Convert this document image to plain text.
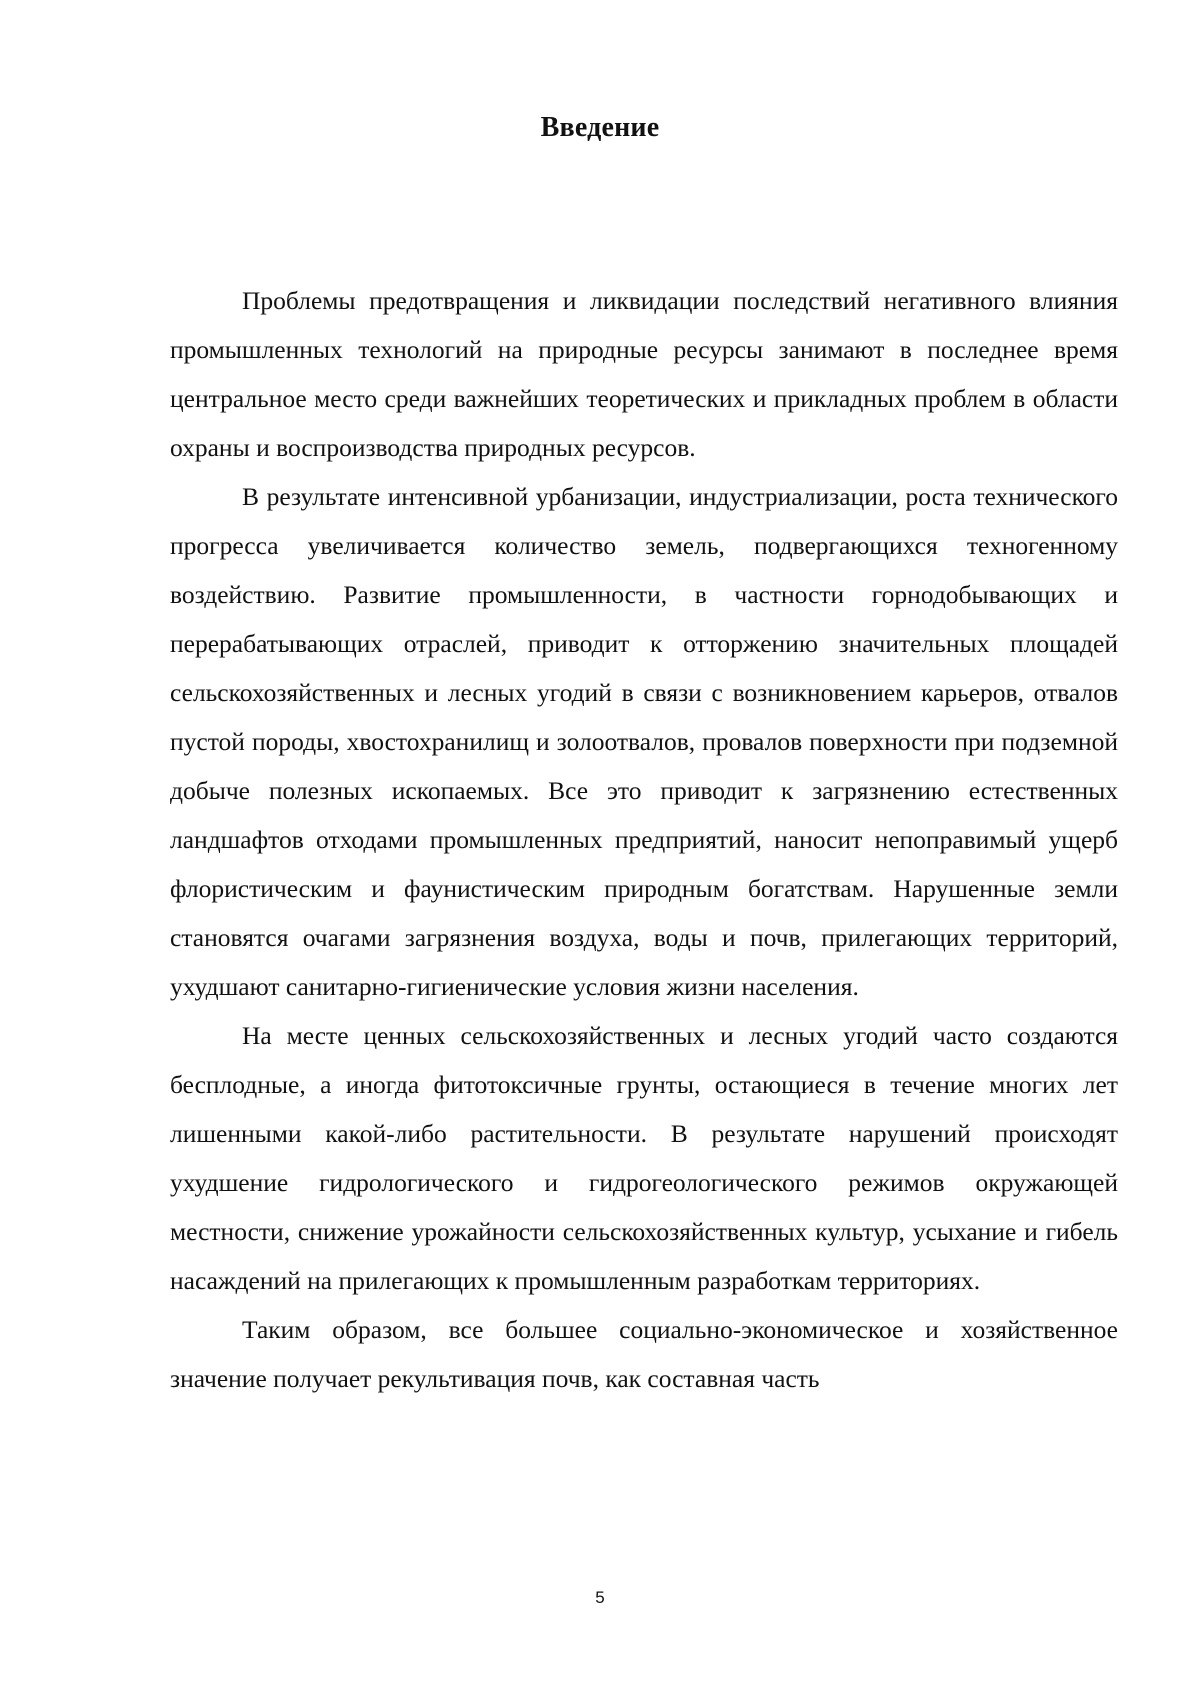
Введение

Проблемы предотвращения и ликвидации последствий негативного влияния промышленных технологий на природные ресурсы занимают в последнее время центральное место среди важнейших теоретических и прикладных проблем в области охраны и воспроизводства природных ресурсов.

В результате интенсивной урбанизации, индустриализации, роста технического прогресса увеличивается количество земель, подвергающихся техногенному воздействию. Развитие промышленности, в частности горнодобывающих и перерабатывающих отраслей, приводит к отторжению значительных площадей сельскохозяйственных и лесных угодий в связи с возникновением карьеров, отвалов пустой породы, хвостохранилищ и золоотвалов, провалов поверхности при подземной добыче полезных ископаемых. Все это приводит к загрязнению естественных ландшафтов отходами промышленных предприятий, наносит непоправимый ущерб флористическим и фаунистическим природным богатствам. Нарушенные земли становятся очагами загрязнения воздуха, воды и почв, прилегающих территорий, ухудшают санитарно-гигиенические условия жизни населения.

На месте ценных сельскохозяйственных и лесных угодий часто создаются бесплодные, а иногда фитотоксичные грунты, остающиеся в течение многих лет лишенными какой-либо растительности. В результате нарушений происходят ухудшение гидрологического и гидрогеологического режимов окружающей местности, снижение урожайности сельскохозяйственных культур, усыхание и гибель насаждений на прилегающих к промышленным разработкам территориях.

Таким образом, все большее социально-экономическое и хозяйственное значение получает рекультивация почв, как составная часть

5
